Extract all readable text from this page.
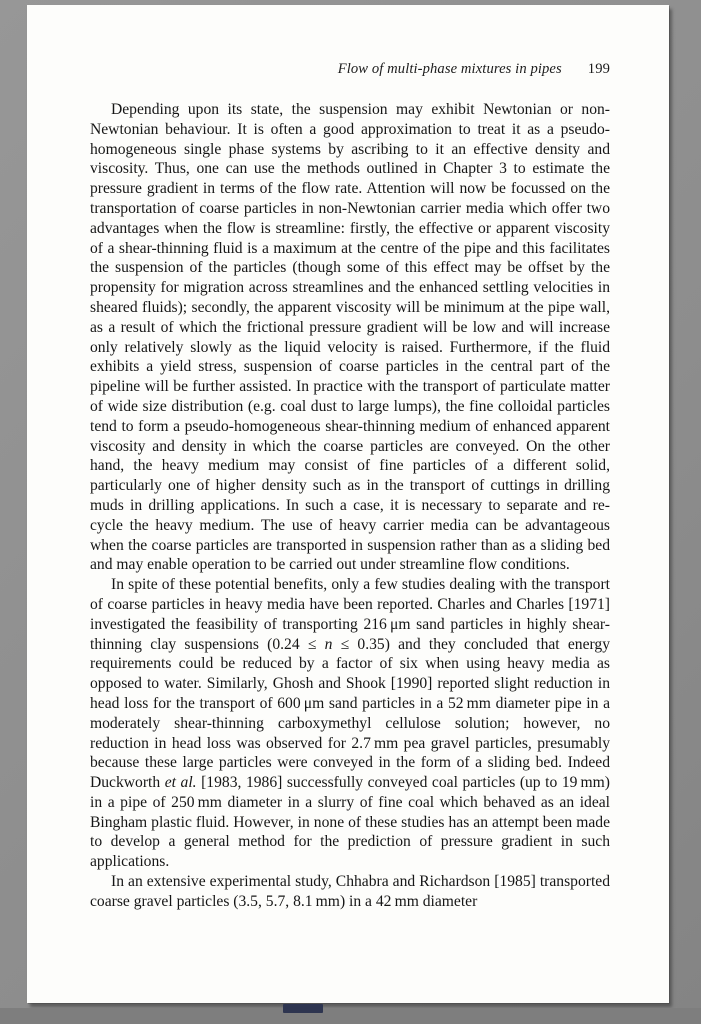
Flow of multi-phase mixtures in pipes 199

Depending upon its state, the suspension may exhibit Newtonian or non-Newtonian behaviour. It is often a good approximation to treat it as a pseudo-homogeneous single phase systems by ascribing to it an effective density and viscosity. Thus, one can use the methods outlined in Chapter 3 to estimate the pressure gradient in terms of the flow rate. Attention will now be focussed on the transportation of coarse particles in non-Newtonian carrier media which offer two advantages when the flow is streamline: firstly, the effective or apparent viscosity of a shear-thinning fluid is a maximum at the centre of the pipe and this facilitates the suspension of the particles (though some of this effect may be offset by the propensity for migration across streamlines and the enhanced settling velocities in sheared fluids); secondly, the apparent viscosity will be minimum at the pipe wall, as a result of which the frictional pressure gradient will be low and will increase only relatively slowly as the liquid velocity is raised. Furthermore, if the fluid exhibits a yield stress, suspension of coarse particles in the central part of the pipeline will be further assisted. In practice with the transport of particulate matter of wide size distribution (e.g. coal dust to large lumps), the fine colloidal particles tend to form a pseudo-homogeneous shear-thinning medium of enhanced apparent viscosity and density in which the coarse particles are conveyed. On the other hand, the heavy medium may consist of fine particles of a different solid, particularly one of higher density such as in the transport of cuttings in drilling muds in drilling applications. In such a case, it is necessary to separate and re-cycle the heavy medium. The use of heavy carrier media can be advantageous when the coarse particles are transported in suspension rather than as a sliding bed and may enable operation to be carried out under streamline flow conditions.

In spite of these potential benefits, only a few studies dealing with the transport of coarse particles in heavy media have been reported. Charles and Charles [1971] investigated the feasibility of transporting 216 μm sand particles in highly shear-thinning clay suspensions (0.24 ≤ n ≤ 0.35) and they concluded that energy requirements could be reduced by a factor of six when using heavy media as opposed to water. Similarly, Ghosh and Shook [1990] reported slight reduction in head loss for the transport of 600 μm sand particles in a 52 mm diameter pipe in a moderately shear-thinning carboxymethyl cellulose solution; however, no reduction in head loss was observed for 2.7 mm pea gravel particles, presumably because these large particles were conveyed in the form of a sliding bed. Indeed Duckworth et al. [1983, 1986] successfully conveyed coal particles (up to 19 mm) in a pipe of 250 mm diameter in a slurry of fine coal which behaved as an ideal Bingham plastic fluid. However, in none of these studies has an attempt been made to develop a general method for the prediction of pressure gradient in such applications.

In an extensive experimental study, Chhabra and Richardson [1985] transported coarse gravel particles (3.5, 5.7, 8.1 mm) in a 42 mm diameter
